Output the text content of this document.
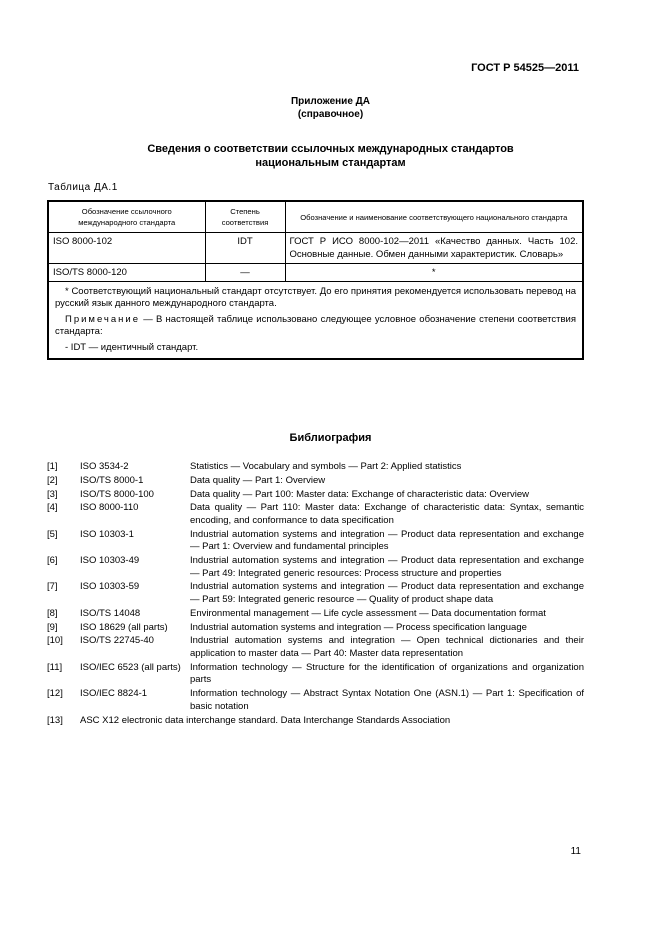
ГОСТ Р 54525—2011
Приложение ДА
(справочное)
Сведения о соответствии ссылочных международных стандартов
национальным стандартам
Таблица ДА.1
Обозначение ссылочного международного стандарта	Степень соответствия	Обозначение и наименование соответствующего национального стандарта
ISO 8000-102	IDT	ГОСТ Р ИСО 8000-102—2011 «Качество данных. Часть 102. Основные данные. Обмен данными характеристик. Словарь»
ISO/TS 8000-120	—	*

* Соответствующий национальный стандарт отсутствует. До его принятия рекомендуется использовать перевод на русский язык данного международного стандарта.

Примечание — В настоящей таблице использовано следующее условное обозначение степени соответствия стандарта:

- IDT — идентичный стандарт.		

Библиография
[1]	ISO 3534-2	Statistics — Vocabulary and symbols — Part 2: Applied statistics
[2]	ISO/TS 8000-1	Data quality — Part 1: Overview
[3]	ISO/TS 8000-100	Data quality — Part 100: Master data: Exchange of characteristic data: Overview
[4]	ISO 8000-110	Data quality — Part 110: Master data: Exchange of characteristic data: Syntax, semantic encoding, and conformance to data specification
[5]	ISO 10303-1	Industrial automation systems and integration — Product data representation and exchange — Part 1: Overview and fundamental principles
[6]	ISO 10303-49	Industrial automation systems and integration — Product data representation and exchange — Part 49: Integrated generic resources: Process structure and properties
[7]	ISO 10303-59	Industrial automation systems and integration — Product data representation and exchange — Part 59: Integrated generic resource — Quality of product shape data
[8]	ISO/TS 14048	Environmental management — Life cycle assessment — Data documentation format
[9]	ISO 18629 (all parts)	Industrial automation systems and integration — Process specification language
[10]	ISO/TS 22745-40	Industrial automation systems and integration — Open technical dictionaries and their application to master data — Part 40: Master data representation
[11]	ISO/IEC 6523 (all parts) Information technology — Structure for the identification of organizations and organization parts
[12]	ISO/IEC 8824-1	Information technology — Abstract Syntax Notation One (ASN.1) — Part 1: Specification of basic notation
[13]	ASC X12 electronic data interchange standard. Data Interchange Standards Association
11
